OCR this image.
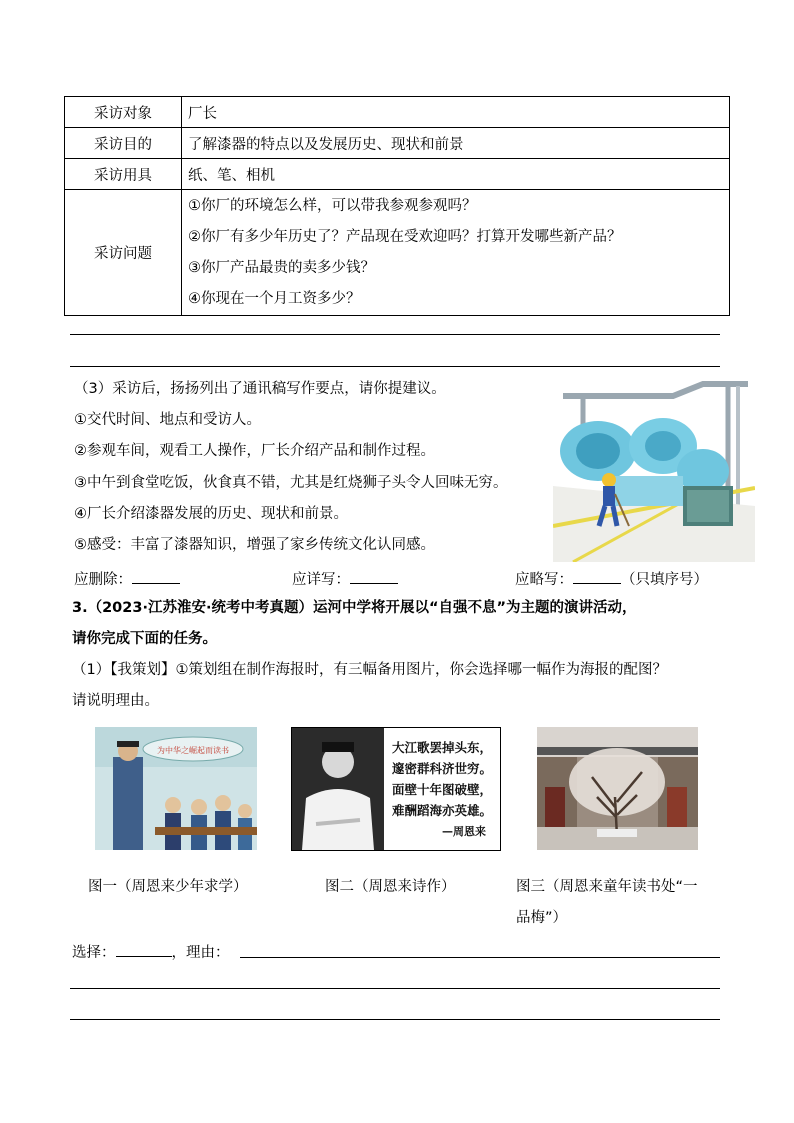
采访对象	厂长
采访目的	了解漆器的特点以及发展历史、现状和前景
采访用具	纸、笔、相机
采访问题	①你厂的环境怎么样，可以带我参观参观吗？
②你厂有多少年历史了？产品现在受欢迎吗？打算开发哪些新产品？
③你厂产品最贵的卖多少钱？
④你现在一个月工资多少？
（3）采访后，扬扬列出了通讯稿写作要点，请你提建议。
①交代时间、地点和受访人。
②参观车间，观看工人操作，厂长介绍产品和制作过程。
③中午到食堂吃饭，伙食真不错，尤其是红烧狮子头令人回味无穷。
④厂长介绍漆器发展的历史、现状和前景。
⑤感受：丰富了漆器知识，增强了家乡传统文化认同感。
应删除：	应详写：	应略写：	（只填序号）
3.（2023·江苏淮安·统考中考真题）运河中学将开展以“自强不息”为主题的演讲活动，
请你完成下面的任务。
（1）【我策划】①策划组在制作海报时，有三幅备用图片，你会选择哪一幅作为海报的配图？
请说明理由。
为中华之崛起而读书	大江歌罢掉头东，
邃密群科济世穷。
面壁十年图破壁，
难酬蹈海亦英雄。
—周恩来
图一（周恩来少年求学）	图二（周恩来诗作）	图三（周恩来童年读书处“一
品梅”）
选择：	，理由：
